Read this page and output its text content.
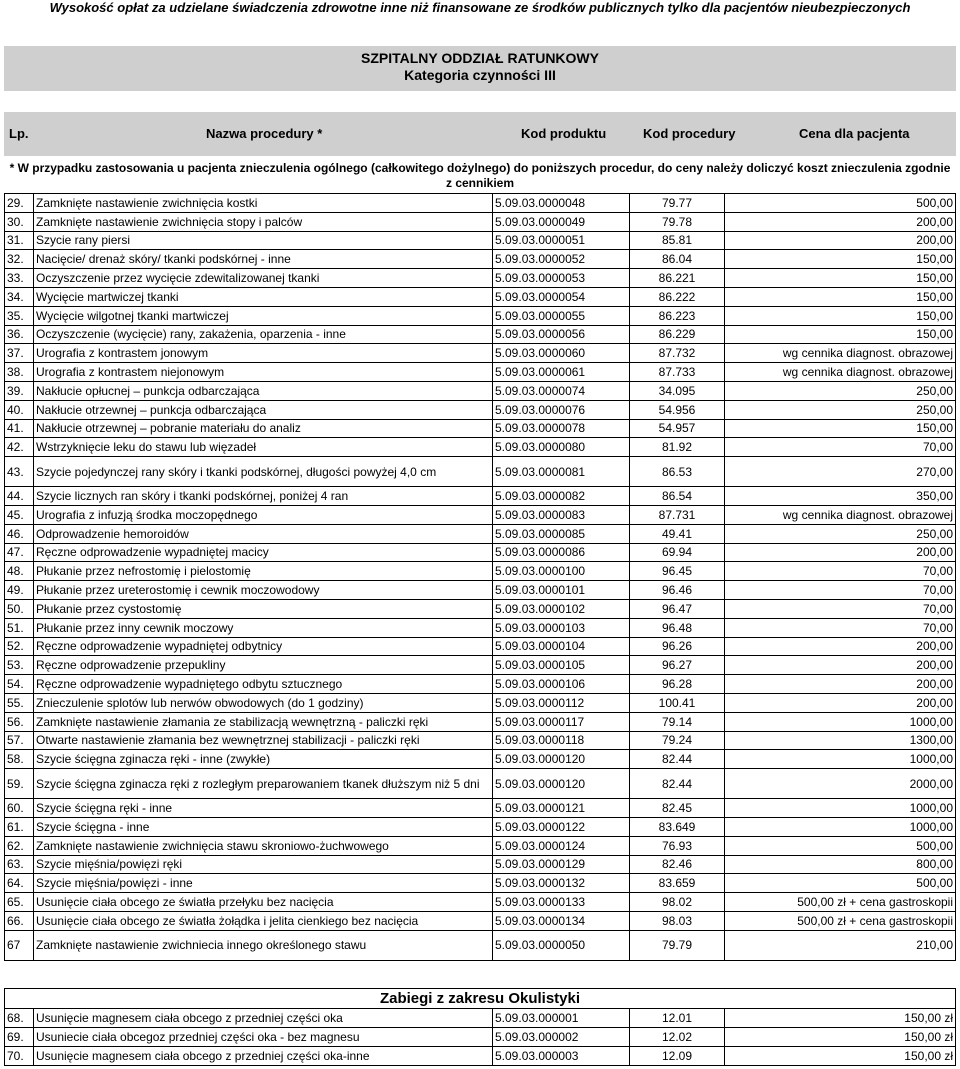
Wysokość opłat za udzielane świadczenia zdrowotne inne niż finansowane ze środków publicznych tylko dla pacjentów nieubezpieczonych
SZPITALNY ODDZIAŁ RATUNKOWY
Kategoria czynności III
Lp.	Nazwa procedury *	Kod produktu	Kod procedury	Cena dla pacjenta
* W przypadku zastosowania u pacjenta znieczulenia ogólnego (całkowitego dożylnego) do poniższych procedur, do ceny należy doliczyć koszt znieczulenia zgodnie z cennikiem
29.	Zamknięte nastawienie zwichnięcia kostki	5.09.03.0000048	79.77	500,00
30.	Zamknięte nastawienie zwichnięcia stopy i palców	5.09.03.0000049	79.78	200,00
31.	Szycie rany piersi	5.09.03.0000051	85.81	200,00
32.	Nacięcie/ drenaż skóry/ tkanki podskórnej - inne	5.09.03.0000052	86.04	150,00
33.	Oczyszczenie przez wycięcie zdewitalizowanej tkanki	5.09.03.0000053	86.221	150,00
34.	Wycięcie martwiczej tkanki	5.09.03.0000054	86.222	150,00
35.	Wycięcie wilgotnej tkanki martwiczej	5.09.03.0000055	86.223	150,00
36.	Oczyszczenie (wycięcie) rany, zakażenia, oparzenia - inne	5.09.03.0000056	86.229	150,00
37.	Urografia z kontrastem jonowym	5.09.03.0000060	87.732	wg cennika diagnost. obrazowej
38.	Urografia z kontrastem niejonowym	5.09.03.0000061	87.733	wg cennika diagnost. obrazowej
39.	Nakłucie opłucnej – punkcja odbarczająca	5.09.03.0000074	34.095	250,00
40.	Nakłucie otrzewnej – punkcja odbarczająca	5.09.03.0000076	54.956	250,00
41.	Nakłucie otrzewnej – pobranie materiału do analiz	5.09.03.0000078	54.957	150,00
42.	Wstrzyknięcie leku do stawu lub więzadeł	5.09.03.0000080	81.92	70,00
43.	Szycie pojedynczej rany skóry i tkanki podskórnej, długości powyżej 4,0 cm	5.09.03.0000081	86.53	270,00
44.	Szycie licznych ran skóry i tkanki podskórnej, poniżej 4 ran	5.09.03.0000082	86.54	350,00
45.	Urografia z infuzją środka moczopędnego	5.09.03.0000083	87.731	wg cennika diagnost. obrazowej
46.	Odprowadzenie hemoroidów	5.09.03.0000085	49.41	250,00
47.	Ręczne odprowadzenie wypadniętej macicy	5.09.03.0000086	69.94	200,00
48.	Płukanie przez nefrostomię i pielostomię	5.09.03.0000100	96.45	70,00
49.	Płukanie przez ureterostomię i cewnik moczowodowy	5.09.03.0000101	96.46	70,00
50.	Płukanie przez cystostomię	5.09.03.0000102	96.47	70,00
51.	Płukanie przez inny cewnik moczowy	5.09.03.0000103	96.48	70,00
52.	Ręczne odprowadzenie wypadniętej odbytnicy	5.09.03.0000104	96.26	200,00
53.	Ręczne odprowadzenie przepukliny	5.09.03.0000105	96.27	200,00
54.	Ręczne odprowadzenie wypadniętego odbytu sztucznego	5.09.03.0000106	96.28	200,00
55.	Znieczulenie splotów lub nerwów obwodowych (do 1 godziny)	5.09.03.0000112	100.41	200,00
56.	Zamknięte nastawienie złamania ze stabilizacją wewnętrzną - paliczki ręki	5.09.03.0000117	79.14	1000,00
57.	Otwarte nastawienie złamania bez wewnętrznej stabilizacji - paliczki ręki	5.09.03.0000118	79.24	1300,00
58.	Szycie ścięgna zginacza ręki - inne (zwykłe)	5.09.03.0000120	82.44	1000,00
59.	Szycie ścięgna zginacza ręki z rozległym preparowaniem tkanek dłuższym niż 5 dni	5.09.03.0000120	82.44	2000,00
60.	Szycie ścięgna ręki - inne	5.09.03.0000121	82.45	1000,00
61.	Szycie ścięgna - inne	5.09.03.0000122	83.649	1000,00
62.	Zamknięte nastawienie zwichnięcia stawu skroniowo-żuchwowego	5.09.03.0000124	76.93	500,00
63.	Szycie mięśnia/powięzi ręki	5.09.03.0000129	82.46	800,00
64.	Szycie mięśnia/powięzi - inne	5.09.03.0000132	83.659	500,00
65.	Usunięcie ciała obcego ze światła przełyku bez nacięcia	5.09.03.0000133	98.02	500,00 zł + cena gastroskopii
66.	Usunięcie ciała obcego ze światła żołądka i jelita cienkiego bez nacięcia	5.09.03.0000134	98.03	500,00 zł + cena gastroskopii
67	Zamknięte nastawienie zwichniecia innego określonego stawu	5.09.03.0000050	79.79	210,00
Zabiegi z zakresu Okulistyki
68.	Usunięcie magnesem ciała obcego z przedniej części oka	5.09.03.000001	12.01	150,00 zł
69.	Usuniecie ciała obcegoz przedniej części oka - bez magnesu	5.09.03.000002	12.02	150,00 zł
70.	Usunięcie magnesem ciała obcego z przedniej części oka-inne	5.09.03.000003	12.09	150,00 zł
